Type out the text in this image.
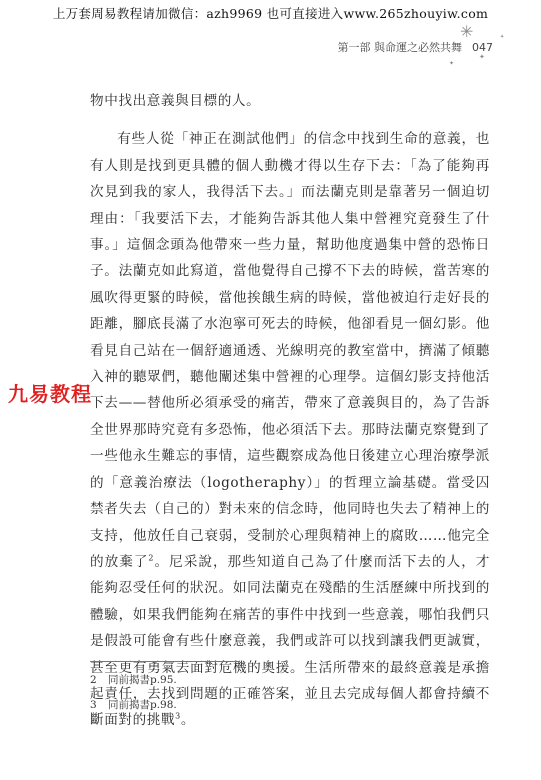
上万套周易教程请加微信：azh9969 也可直接进入www.265zhouyiw.com
第一部 與命運之必然共舞 047
✳
✦
✦
✦

物中找出意義與目標的人。

有些人從「神正在測試他們」的信念中找到生命的意義，也有人則是找到更具體的個人動機才得以生存下去：「為了能夠再次見到我的家人，我得活下去。」而法蘭克則是靠著另一個迫切理由：「我要活下去，才能夠告訴其他人集中營裡究竟發生了什事。」這個念頭為他帶來一些力量，幫助他度過集中營的恐怖日子。法蘭克如此寫道，當他覺得自己撐不下去的時候，當苦寒的風吹得更緊的時候，當他挨餓生病的時候，當他被迫行走好長的距離，腳底長滿了水泡寧可死去的時候，他卻看見一個幻影。他看見自己站在一個舒適通透、光線明亮的教室當中，擠滿了傾聽入神的聽眾們，聽他闡述集中營裡的心理學。這個幻影支持他活下去——替他所必須承受的痛苦，帶來了意義與目的，為了告訴全世界那時究竟有多恐怖，他必須活下去。那時法蘭克察覺到了一些他永生難忘的事情，這些觀察成為他日後建立心理治療學派的「意義治療法（logotheraphy）」的哲理立論基礎。當受囚禁者失去（自己的）對未來的信念時，他同時也失去了精神上的支持，他放任自己衰弱，受制於心理與精神上的腐敗……他完全的放棄了$^2$。尼采說，那些知道自己為了什麼而活下去的人，才能夠忍受任何的狀況。如同法蘭克在殘酷的生活歷練中所找到的體驗，如果我們能夠在痛苦的事件中找到一些意義，哪怕我們只是假設可能會有些什麼意義，我們或許可以找到讓我們更誠實，甚至更有勇氣去面對危機的奧援。生活所帶來的最終意義是承擔起責任，去找到問題的正確答案，並且去完成每個人都會持續不斷面對的挑戰$^3$。

九易教程
2 同前揭書p.95.
3 同前揭書p.98.
